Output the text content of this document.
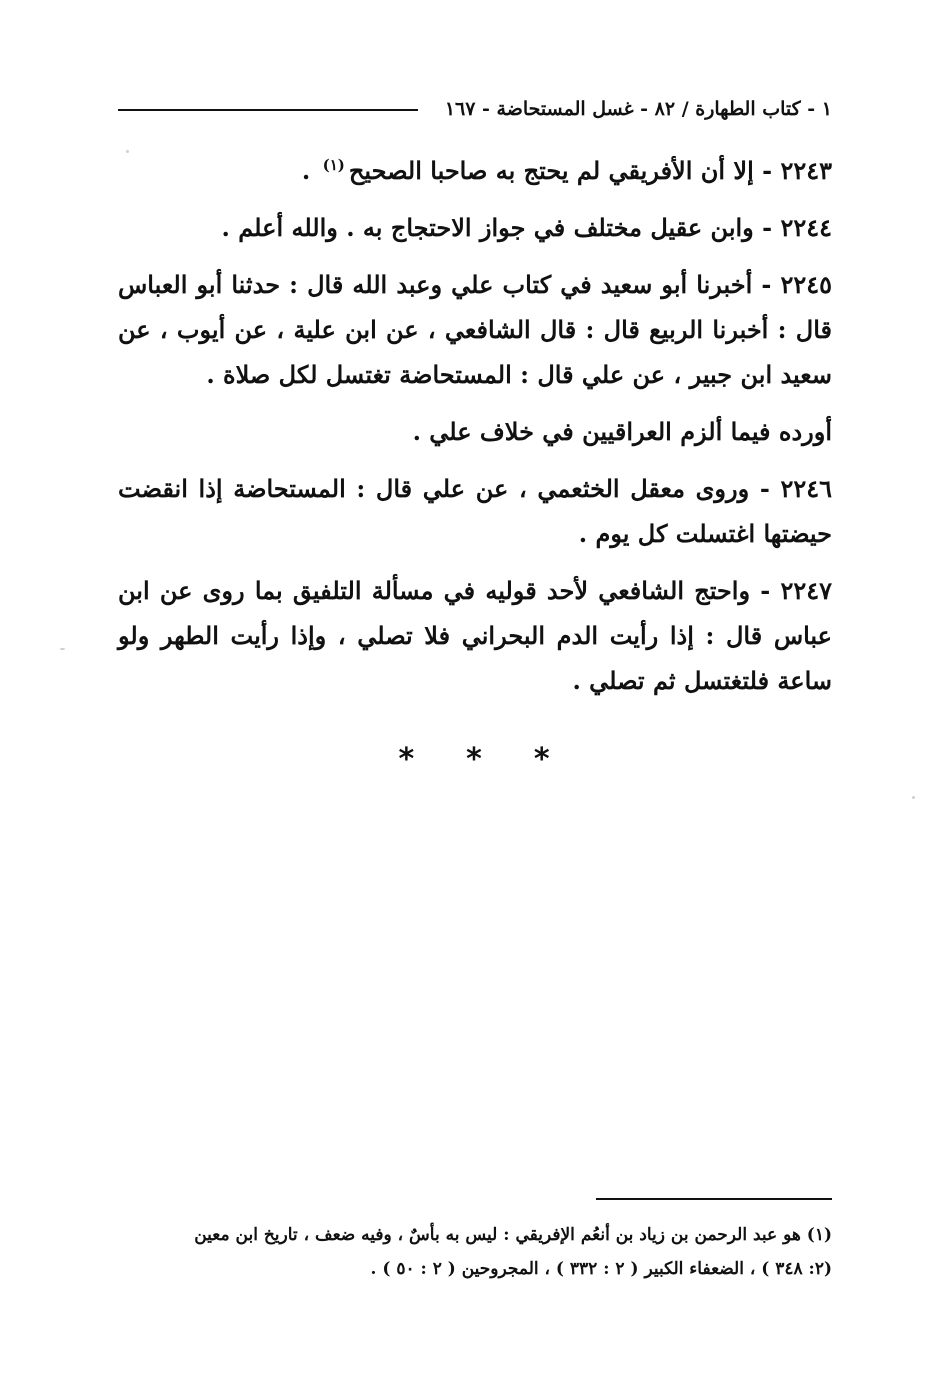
١ - كتاب الطهارة / ٨٢ - غسل المستحاضة - ١٦٧

٢٢٤٣ - إلا أن الأفريقي لم يحتج به صاحبا الصحيح$^{(١)}$ .

٢٢٤٤ - وابن عقيل مختلف في جواز الاحتجاج به . والله أعلم .

٢٢٤٥ - أخبرنا أبو سعيد في كتاب علي وعبد الله قال : حدثنا أبو العباس قال : أخبرنا الربيع قال : قال الشافعي ، عن ابن علية ، عن أيوب ، عن سعيد ابن جبير ، عن علي قال : المستحاضة تغتسل لكل صلاة .

أورده فيما ألزم العراقيين في خلاف علي .

٢٢٤٦ - وروى معقل الخثعمي ، عن علي قال : المستحاضة إذا انقضت حيضتها اغتسلت كل يوم .

٢٢٤٧ - واحتج الشافعي لأحد قوليه في مسألة التلفيق بما روى عن ابن عباس قال : إذا رأيت الدم البحراني فلا تصلي ، وإذا رأيت الطهر ولو ساعة فلتغتسل ثم تصلي .

* * *

(١) هو عبد الرحمن بن زياد بن أنعُم الإفريقي : ليس به بأسٌ ، وفيه ضعف ، تاريخ ابن معين

(٢: ٣٤٨ ) ، الضعفاء الكبير ( ٢ : ٣٣٢ ) ، المجروحين ( ٢ : ٥٠ ) .
